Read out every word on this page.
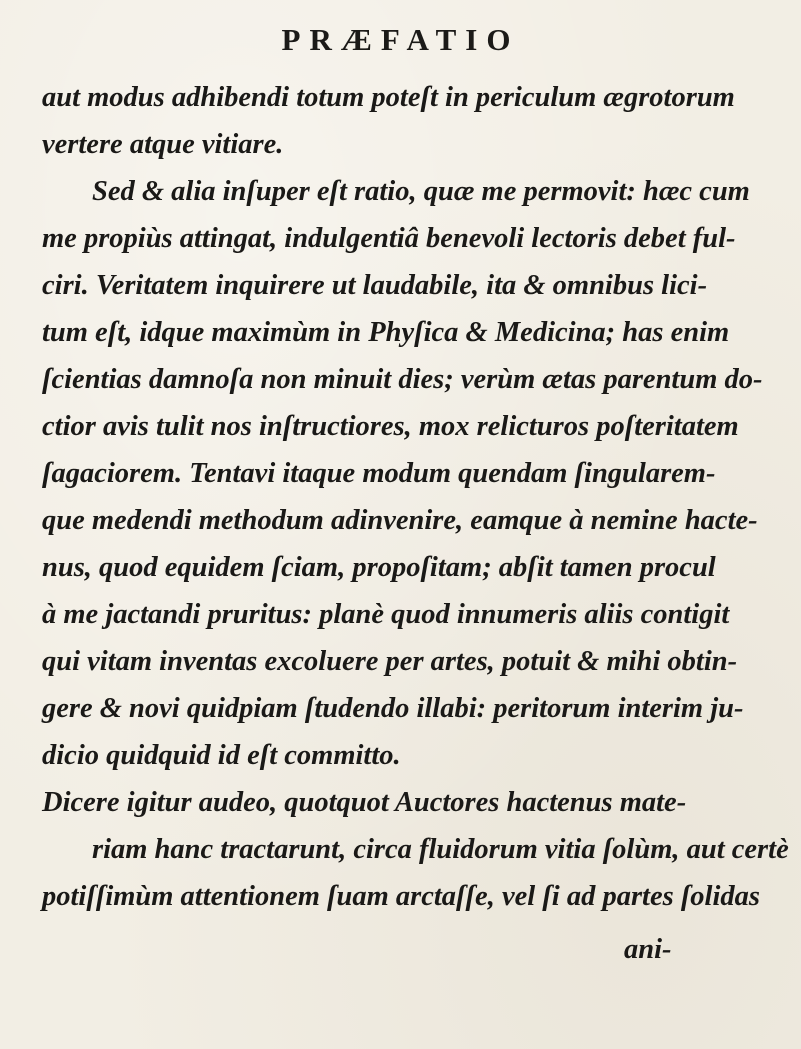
PRÆFATIO
aut modus adhibendi totum poteſt in periculum ægrotorum
vertere atque vitiare.
Sed & alia inſuper eſt ratio, quæ me permovit: hæc cum
me propiùs attingat, indulgentiâ benevoli lectoris debet ful-
ciri. Veritatem inquirere ut laudabile, ita & omnibus lici-
tum eſt, idque maximùm in Phyſica & Medicina; has enim
ſcientias damnoſa non minuit dies; verùm ætas parentum do-
ctior avis tulit nos inſtructiores, mox relicturos poſteritatem
ſagaciorem. Tentavi itaque modum quendam ſingularem-
que medendi methodum adinvenire, eamque à nemine hacte-
nus, quod equidem ſciam, propoſitam; abſit tamen procul
à me jactandi pruritus: planè quod innumeris aliis contigit
qui vitam inventas excoluere per artes, potuit & mihi obtin-
gere & novi quidpiam ſtudendo illabi: peritorum interim ju-
dicio quidquid id eſt committo.
Dicere igitur audeo, quotquot Auctores hactenus mate-
riam hanc tractarunt, circa fluidorum vitia ſolùm, aut certè
potiſſimùm attentionem ſuam arctaſſe, vel ſi ad partes ſolidas
ani-
